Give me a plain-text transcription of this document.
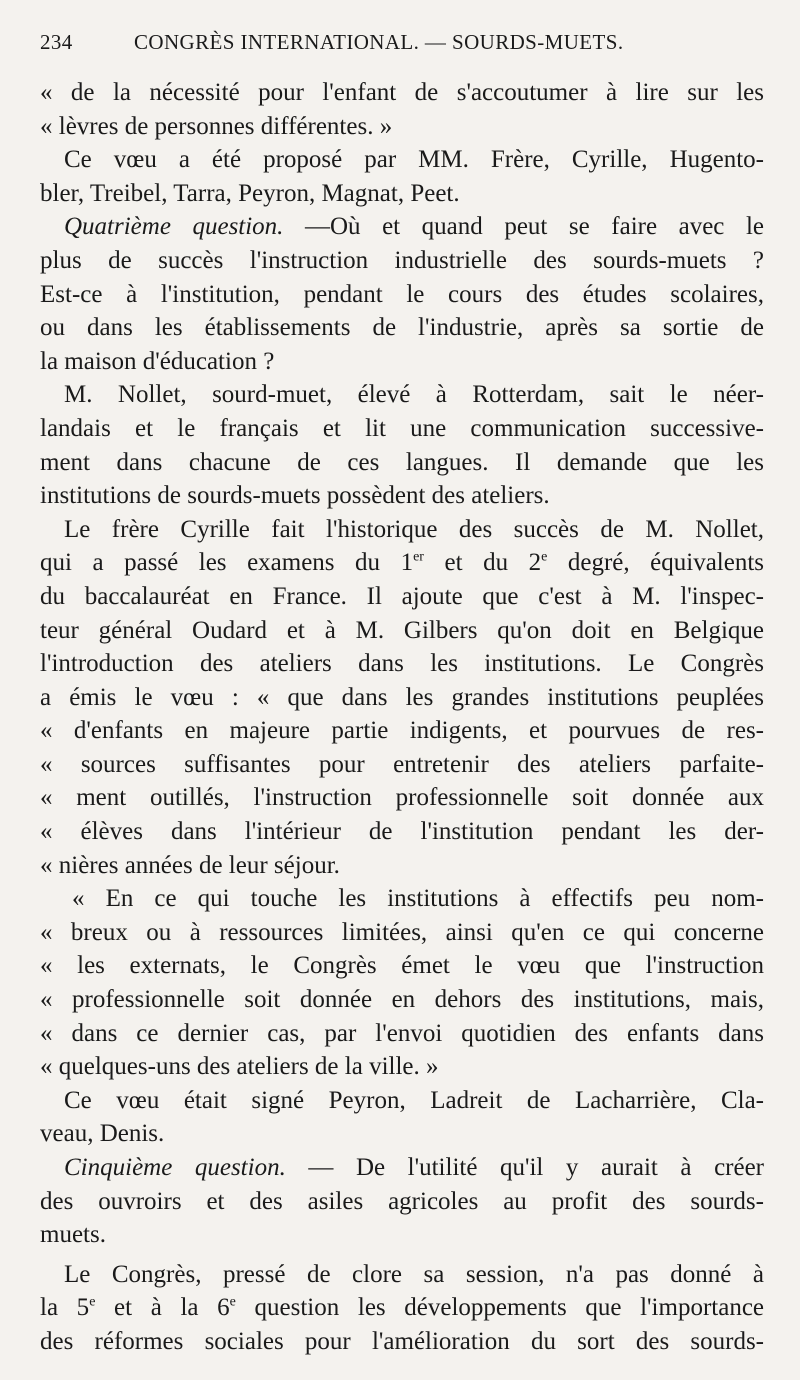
234	CONGRÈS INTERNATIONAL. — SOURDS-MUETS.
« de la nécessité pour l'enfant de s'accoutumer à lire sur les
« lèvres de personnes différentes. »
Ce vœu a été proposé par MM. Frère, Cyrille, Hugento-
bler, Treibel, Tarra, Peyron, Magnat, Peet.
Quatrième question. —Où et quand peut se faire avec le
plus de succès l'instruction industrielle des sourds-muets ?
Est-ce à l'institution, pendant le cours des études scolaires,
ou dans les établissements de l'industrie, après sa sortie de
la maison d'éducation ?
M. Nollet, sourd-muet, élevé à Rotterdam, sait le néer-
landais et le français et lit une communication successive-
ment dans chacune de ces langues. Il demande que les
institutions de sourds-muets possèdent des ateliers.
Le frère Cyrille fait l'historique des succès de M. Nollet,
qui a passé les examens du 1er et du 2e degré, équivalents
du baccalauréat en France. Il ajoute que c'est à M. l'inspec-
teur général Oudard et à M. Gilbers qu'on doit en Belgique
l'introduction des ateliers dans les institutions. Le Congrès
a émis le vœu : « que dans les grandes institutions peuplées
« d'enfants en majeure partie indigents, et pourvues de res-
« sources suffisantes pour entretenir des ateliers parfaite-
« ment outillés, l'instruction professionnelle soit donnée aux
« élèves dans l'intérieur de l'institution pendant les der-
« nières années de leur séjour.
« En ce qui touche les institutions à effectifs peu nom-
« breux ou à ressources limitées, ainsi qu'en ce qui concerne
« les externats, le Congrès émet le vœu que l'instruction
« professionnelle soit donnée en dehors des institutions, mais,
« dans ce dernier cas, par l'envoi quotidien des enfants dans
« quelques-uns des ateliers de la ville. »
Ce vœu était signé Peyron, Ladreit de Lacharrière, Cla-
veau, Denis.
Cinquième question. — De l'utilité qu'il y aurait à créer
des ouvroirs et des asiles agricoles au profit des sourds-
muets.
Le Congrès, pressé de clore sa session, n'a pas donné à
la 5e et à la 6e question les développements que l'importance
des réformes sociales pour l'amélioration du sort des sourds-
